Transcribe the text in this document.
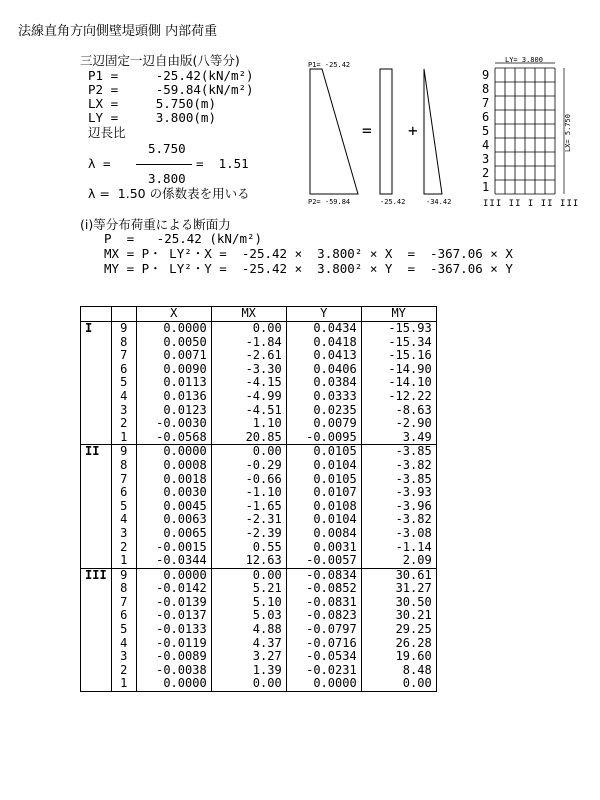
法線直角方向側壁堤頭側 内部荷重
三辺固定一辺自由版(八等分)
P1 =	-25.42(kN/m²)
P2 =	-59.84(kN/m²)
LX =	5.750(m)
LY =	3.800(m)
辺長比
5.750
λ =	=  1.51
3.800
λ =  1.50 の係数表を用いる
P1= -25.42
P2= -59.84
=
-25.42
+
-34.42
LY= 3.800
9
8
7
6
5
4
3
2
1
LX= 5.750
III II I II III
(i)等分布荷重による断面力
P  =   -25.42 (kN/m²)
MX = P・ LY²・X = -25.42 ×  3.800² × X =  -367.06 × X
MY = P・ LY²・Y = -25.42 ×  3.800² × Y =  -367.06 × Y
		X	MX	Y	MY
I	9	0.0000	0.00	0.0434	-15.93
	8	0.0050	-1.84	0.0418	-15.34
	7	0.0071	-2.61	0.0413	-15.16
	6	0.0090	-3.30	0.0406	-14.90
	5	0.0113	-4.15	0.0384	-14.10
	4	0.0136	-4.99	0.0333	-12.22
	3	0.0123	-4.51	0.0235	-8.63
	2	-0.0030	1.10	0.0079	-2.90
	1	-0.0568	20.85	-0.0095	3.49
II	9	0.0000	0.00	0.0105	-3.85
	8	0.0008	-0.29	0.0104	-3.82
	7	0.0018	-0.66	0.0105	-3.85
	6	0.0030	-1.10	0.0107	-3.93
	5	0.0045	-1.65	0.0108	-3.96
	4	0.0063	-2.31	0.0104	-3.82
	3	0.0065	-2.39	0.0084	-3.08
	2	-0.0015	0.55	0.0031	-1.14
	1	-0.0344	12.63	-0.0057	2.09
III	9	0.0000	0.00	-0.0834	30.61
	8	-0.0142	5.21	-0.0852	31.27
	7	-0.0139	5.10	-0.0831	30.50
	6	-0.0137	5.03	-0.0823	30.21
	5	-0.0133	4.88	-0.0797	29.25
	4	-0.0119	4.37	-0.0716	26.28
	3	-0.0089	3.27	-0.0534	19.60
	2	-0.0038	1.39	-0.0231	8.48
	1	0.0000	0.00	0.0000	0.00
